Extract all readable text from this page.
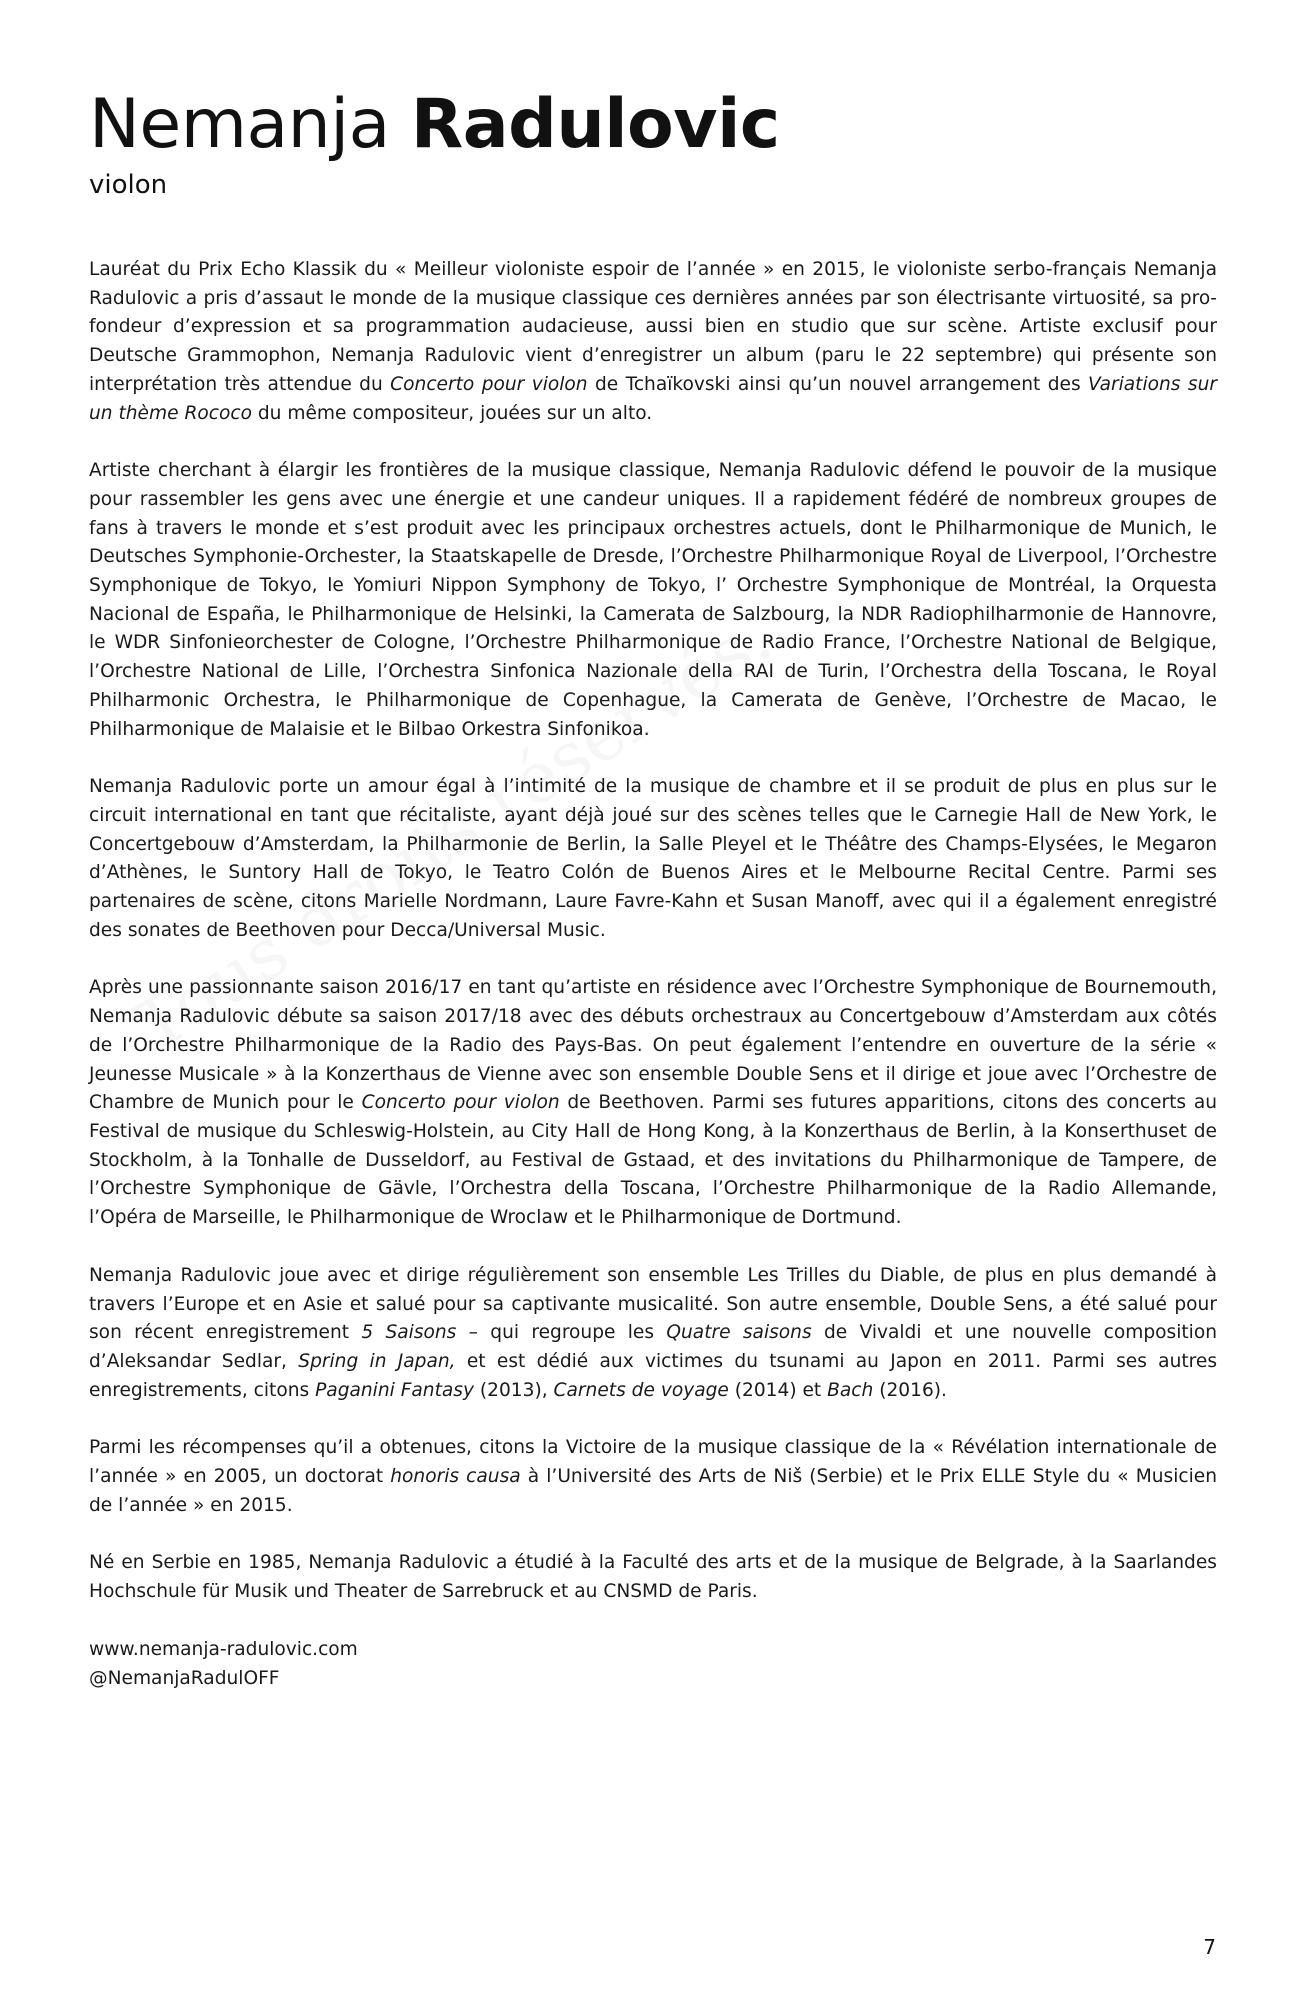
Nemanja Radulovic
violon

Lauréat du Prix Echo Klassik du « Meilleur violoniste espoir de l’année » en 2015, le violoniste serbo-français Nemanja Radulovic a pris d’assaut le monde de la musique classique ces dernières années par son électrisante virtuosité, sa profondeur d’expression et sa programmation audacieuse, aussi bien en studio que sur scène. Artiste exclusif pour Deutsche Grammophon, Nemanja Radulovic vient d’enregistrer un album (paru le 22 septembre) qui présente son interprétation très attendue du Concerto pour violon de Tchaïkovski ainsi qu’un nouvel arrangement des Variations sur un thème Rococo du même compositeur, jouées sur un alto.

Artiste cherchant à élargir les frontières de la musique classique, Nemanja Radulovic défend le pouvoir de la musique pour rassembler les gens avec une énergie et une candeur uniques. Il a rapidement fédéré de nombreux groupes de fans à travers le monde et s’est produit avec les principaux orchestres actuels, dont le Philharmonique de Munich, le Deutsches Symphonie-Orchester, la Staatskapelle de Dresde, l’Orchestre Philharmonique Royal de Liverpool, l’Orchestre Symphonique de Tokyo, le Yomiuri Nippon Symphony de Tokyo, l’ Orchestre Symphonique de Montréal, la Orquesta Nacional de España, le Philharmonique de Helsinki, la Camerata de Salzbourg, la NDR Radiophilharmonie de Hannovre, le WDR Sinfonieorchester de Cologne, l’Orchestre Philharmonique de Radio France, l’Orchestre National de Belgique, l’Orchestre National de Lille, l’Orchestra Sinfonica Nazionale della RAI de Turin, l’Orchestra della Toscana, le Royal Philharmonic Orchestra, le Philharmonique de Copenhague, la Camerata de Genève, l’Orchestre de Macao, le Philharmonique de Malaisie et le Bilbao Orkestra Sinfonikoa.

Nemanja Radulovic porte un amour égal à l’intimité de la musique de chambre et il se produit de plus en plus sur le circuit international en tant que récitaliste, ayant déjà joué sur des scènes telles que le Carnegie Hall de New York, le Concertgebouw d’Amsterdam, la Philharmonie de Berlin, la Salle Pleyel et le Théâtre des Champs-Elysées, le Megaron d’Athènes, le Suntory Hall de Tokyo, le Teatro Colón de Buenos Aires et le Melbourne Recital Centre. Parmi ses partenaires de scène, citons Marielle Nordmann, Laure Favre-Kahn et Susan Manoff, avec qui il a également enregistré des sonates de Beethoven pour Decca/Universal Music.

Après une passionnante saison 2016/17 en tant qu’artiste en résidence avec l’Orchestre Symphonique de Bournemouth, Nemanja Radulovic débute sa saison 2017/18 avec des débuts orchestraux au Concertgebouw d’Amsterdam aux côtés de l’Orchestre Philharmonique de la Radio des Pays-Bas. On peut également l’entendre en ouverture de la série « Jeunesse Musicale » à la Konzerthaus de Vienne avec son ensemble Double Sens et il dirige et joue avec l’Orchestre de Chambre de Munich pour le Concerto pour violon de Beethoven. Parmi ses futures apparitions, citons des concerts au Festival de musique du Schleswig-Holstein, au City Hall de Hong Kong, à la Konzerthaus de Berlin, à la Konserthuset de Stockholm, à la Tonhalle de Dusseldorf, au Festival de Gstaad, et des invitations du Philharmonique de Tampere, de l’Orchestre Symphonique de Gävle, l’Orchestra della Toscana, l’Orchestre Philharmonique de la Radio Allemande, l’Opéra de Marseille, le Philharmonique de Wroclaw et le Philharmonique de Dortmund.

Nemanja Radulovic joue avec et dirige régulièrement son ensemble Les Trilles du Diable, de plus en plus demandé à travers l’Europe et en Asie et salué pour sa captivante musicalité. Son autre ensemble, Double Sens, a été salué pour son récent enregistrement 5 Saisons – qui regroupe les Quatre saisons de Vivaldi et une nouvelle composition d’Aleksandar Sedlar, Spring in Japan, et est dédié aux victimes du tsunami au Japon en 2011. Parmi ses autres enregistrements, citons Paganini Fantasy (2013), Carnets de voyage (2014) et Bach (2016).

Parmi les récompenses qu’il a obtenues, citons la Victoire de la musique classique de la « Révélation internationale de l’année » en 2005, un doctorat honoris causa à l’Université des Arts de Niš (Serbie) et le Prix ELLE Style du « Musicien de l’année » en 2015.

Né en Serbie en 1985, Nemanja Radulovic a étudié à la Faculté des arts et de la musique de Belgrade, à la Saarlandes Hochschule für Musik und Theater de Sarrebruck et au CNSMD de Paris.

www.nemanja-radulovic.com
@NemanjaRadulOFF
7
